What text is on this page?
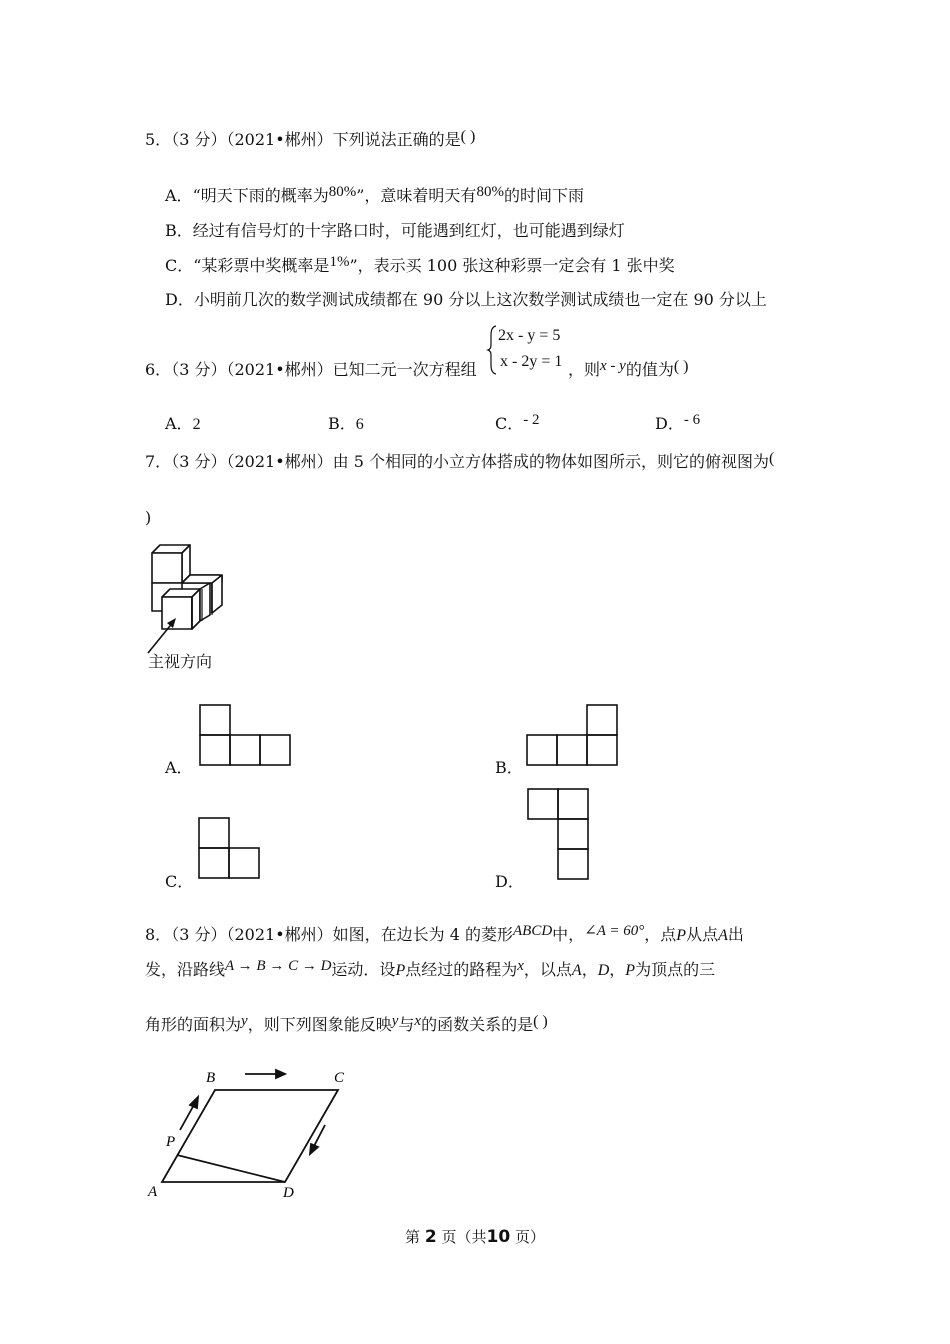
5．（3 分）（2021•郴州）下列说法正确的是( )
A．“明天下雨的概率为80%”，意味着明天有80%的时间下雨
B．经过有信号灯的十字路口时，可能遇到红灯，也可能遇到绿灯
C．“某彩票中奖概率是1%”，表示买 100 张这种彩票一定会有 1 张中奖
D．小明前几次的数学测试成绩都在 90 分以上这次数学测试成绩也一定在 90 分以上
2x - y = 5
x - 2y = 1
6．（3 分）（2021•郴州）已知二元一次方程组	，则x - y的值为( )
A．2	B．6	C．- 2	D．- 6
7．（3 分）（2021•郴州）由 5 个相同的小立方体搭成的物体如图所示，则它的俯视图为(
)
主视方向
A．	B．
C．	D．
8．（3 分）（2021•郴州）如图，在边长为 4 的菱形ABCD中，∠A = 60°，点P从点A出
发，沿路线A → B → C → D运动．设P点经过的路程为x，以点A，D，P为顶点的三
角形的面积为y，则下列图象能反映y与x的函数关系的是( )
A
B	C
D
P
第 2 页（共10 页）
